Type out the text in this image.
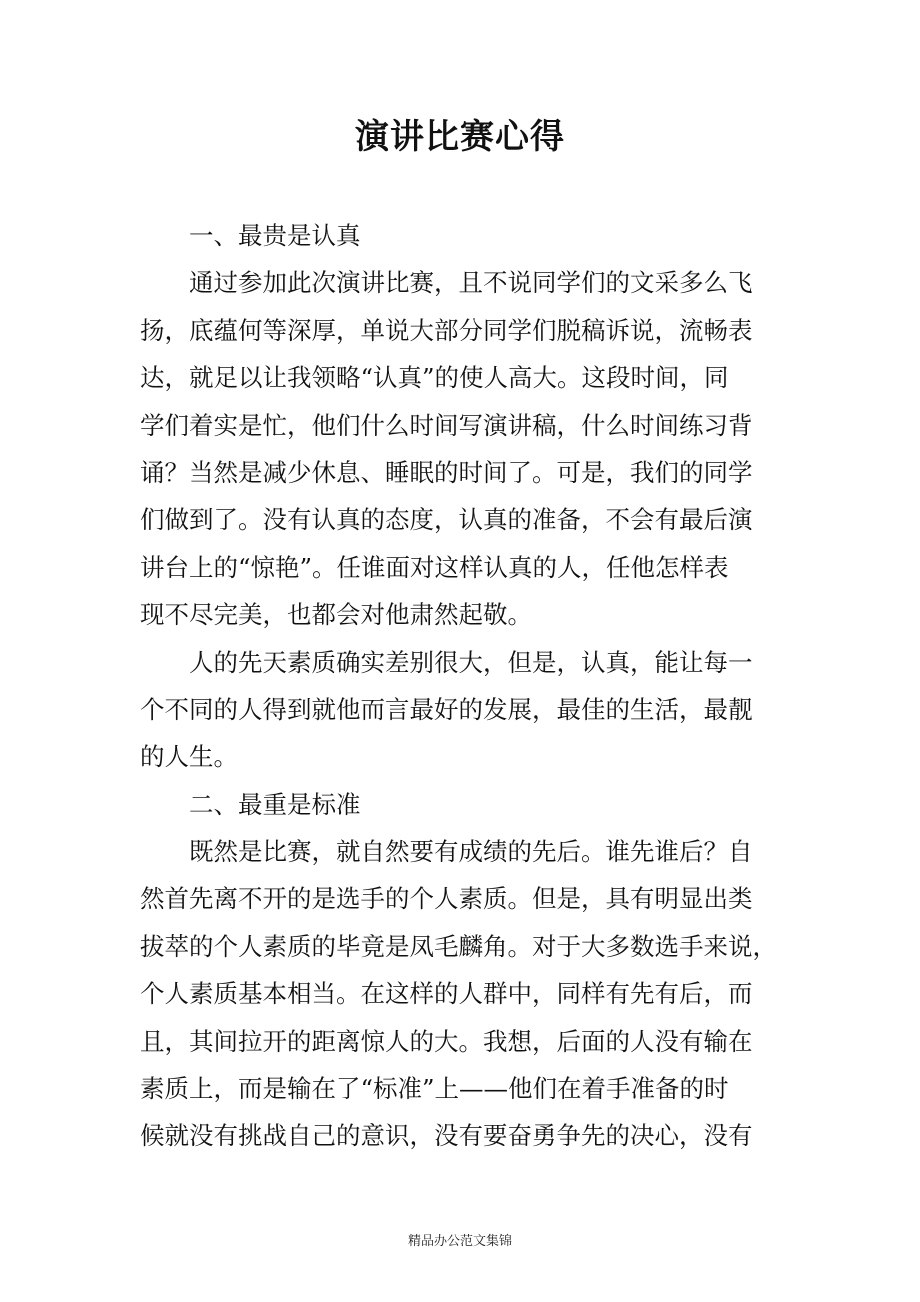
演讲比赛心得
一、最贵是认真
通过参加此次演讲比赛，且不说同学们的文采多么飞
扬，底蕴何等深厚，单说大部分同学们脱稿诉说，流畅表
达，就足以让我领略“认真”的使人高大。这段时间，同
学们着实是忙，他们什么时间写演讲稿，什么时间练习背
诵？当然是减少休息、睡眠的时间了。可是，我们的同学
们做到了。没有认真的态度，认真的准备，不会有最后演
讲台上的“惊艳”。任谁面对这样认真的人，任他怎样表
现不尽完美，也都会对他肃然起敬。
人的先天素质确实差别很大，但是，认真，能让每一
个不同的人得到就他而言最好的发展，最佳的生活，最靓
的人生。
二、最重是标准
既然是比赛，就自然要有成绩的先后。谁先谁后？自
然首先离不开的是选手的个人素质。但是，具有明显出类
拔萃的个人素质的毕竟是凤毛麟角。对于大多数选手来说，
个人素质基本相当。在这样的人群中，同样有先有后，而
且，其间拉开的距离惊人的大。我想，后面的人没有输在
素质上，而是输在了“标准”上——他们在着手准备的时
候就没有挑战自己的意识，没有要奋勇争先的决心，没有
精品办公范文集锦
